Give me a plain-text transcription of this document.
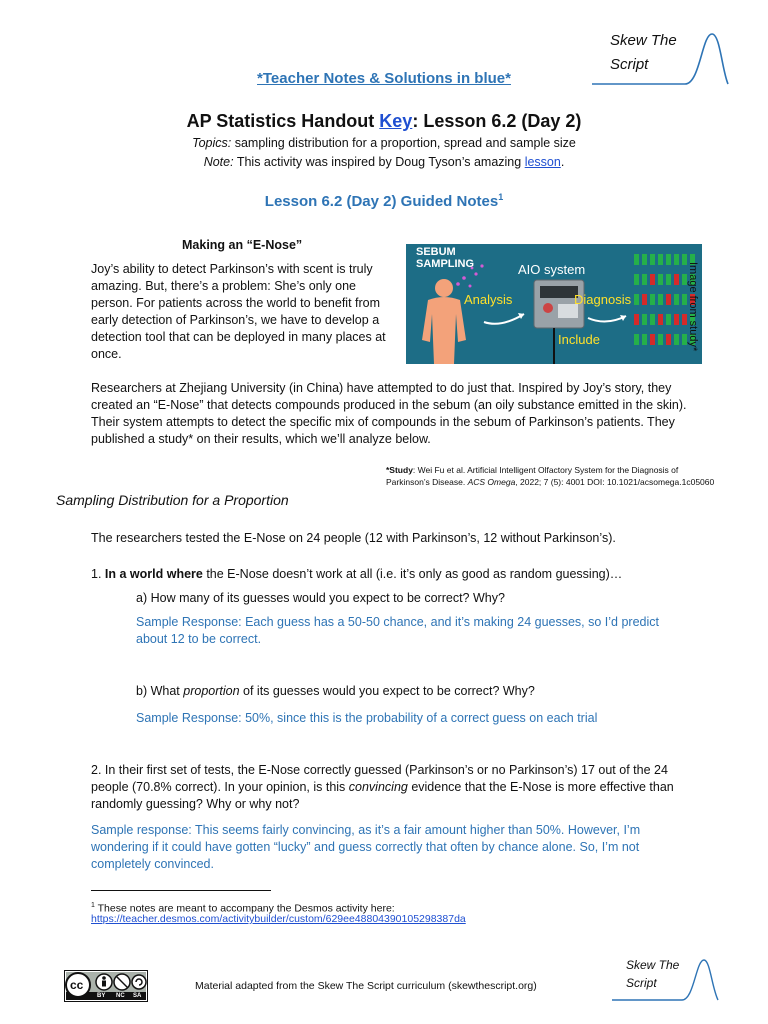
Skew The
Script
*Teacher Notes & Solutions in blue*
AP Statistics Handout Key: Lesson 6.2 (Day 2)
Topics: sampling distribution for a proportion, spread and sample size
Note: This activity was inspired by Doug Tyson’s amazing lesson.
Lesson 6.2 (Day 2) Guided Notes$^1$
Making an “E-Nose”
Joy’s ability to detect Parkinson’s with scent is truly amazing. But, there’s a problem: She’s only one person. For patients across the world to benefit from early detection of Parkinson’s, we have to develop a detection tool that can be deployed in many places at once.
SEBUM
SAMPLING	AIO system
Analysis	Diagnosis
Include	Image from study*
Researchers at Zhejiang University (in China) have attempted to do just that. Inspired by Joy’s story, they created an “E-Nose” that detects compounds produced in the sebum (an oily substance emitted in the skin). Their system attempts to detect the specific mix of compounds in the sebum of Parkinson’s patients. They published a study* on their results, which we’ll analyze below.
*Study: Wei Fu et al. Artificial Intelligent Olfactory System for the Diagnosis of Parkinson’s Disease. ACS Omega, 2022; 7 (5): 4001 DOI: 10.1021/acsomega.1c05060
Sampling Distribution for a Proportion
The researchers tested the E-Nose on 24 people (12 with Parkinson’s, 12 without Parkinson’s).
1. In a world where the E-Nose doesn’t work at all (i.e. it’s only as good as random guessing)…
a) How many of its guesses would you expect to be correct? Why?
Sample Response: Each guess has a 50-50 chance, and it’s making 24 guesses, so I’d predict about 12 to be correct.
b) What proportion of its guesses would you expect to be correct? Why?
Sample Response: 50%, since this is the probability of a correct guess on each trial
2. In their first set of tests, the E-Nose correctly guessed (Parkinson’s or no Parkinson’s) 17 out of the 24 people (70.8% correct). In your opinion, is this convincing evidence that the E-Nose is more effective than randomly guessing? Why or why not?
Sample response: This seems fairly convincing, as it’s a fair amount higher than 50%. However, I’m wondering if it could have gotten “lucky” and guess correctly that often by chance alone. So, I’m not completely convinced.
$^1$ These notes are meant to accompany the Desmos activity here:
https://teacher.desmos.com/activitybuilder/custom/629ee48804390105298387da
cc
BY NC SA
Material adapted from the Skew The Script curriculum (skewthescript.org)
Skew The
Script
